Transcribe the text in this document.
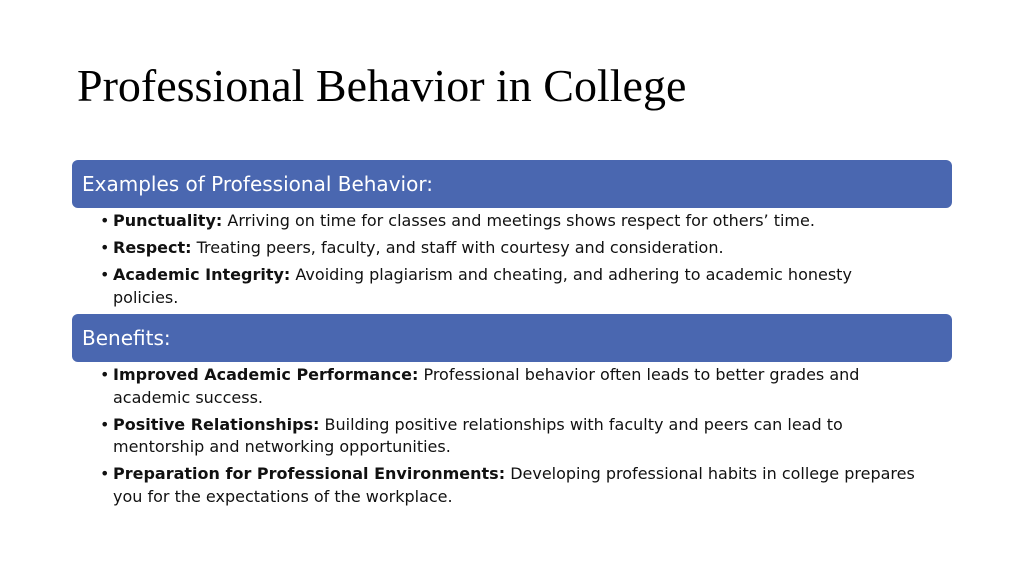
Professional Behavior in College
Examples of Professional Behavior:
• Punctuality: Arriving on time for classes and meetings shows respect for others’ time.
• Respect: Treating peers, faculty, and staff with courtesy and consideration.
• Academic Integrity: Avoiding plagiarism and cheating, and adhering to academic honesty policies.
Benefits:
• Improved Academic Performance: Professional behavior often leads to better grades and academic success.
• Positive Relationships: Building positive relationships with faculty and peers can lead to mentorship and networking opportunities.
• Preparation for Professional Environments: Developing professional habits in college prepares you for the expectations of the workplace.
